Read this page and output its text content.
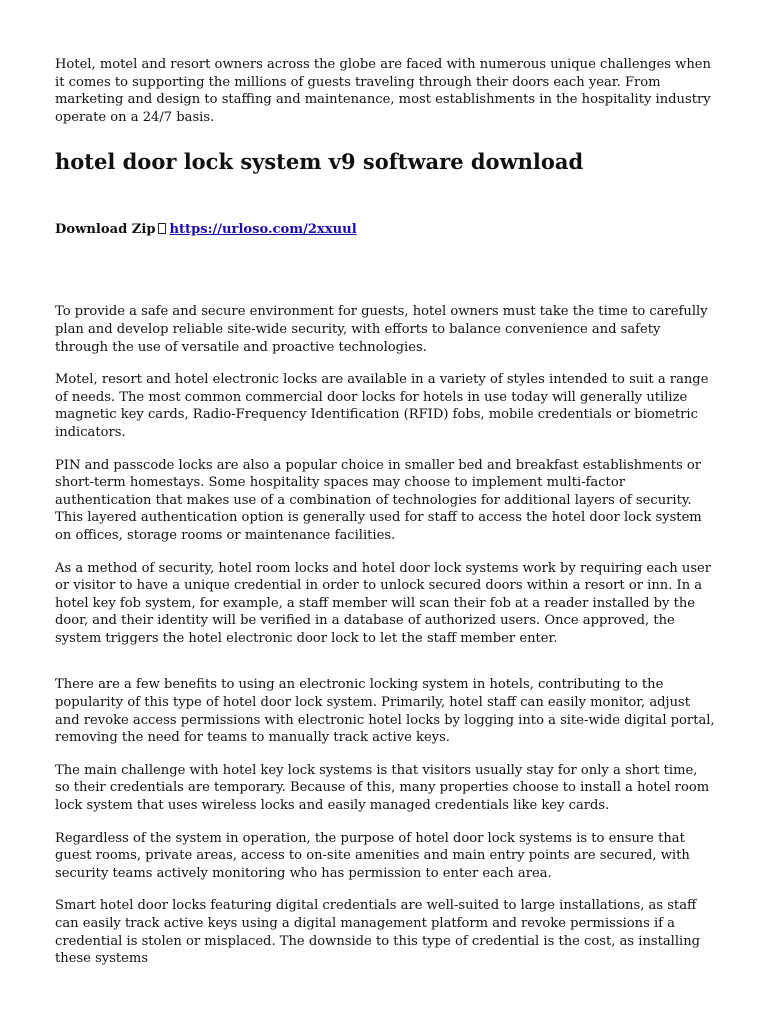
Hotel, motel and resort owners across the globe are faced with numerous unique challenges when it comes to supporting the millions of guests traveling through their doors each year. From marketing and design to staffing and maintenance, most establishments in the hospitality industry operate on a 24/7 basis.

hotel door lock system v9 software download
Download Zip https://urloso.com/2xxuul

To provide a safe and secure environment for guests, hotel owners must take the time to carefully plan and develop reliable site-wide security, with efforts to balance convenience and safety through the use of versatile and proactive technologies.

Motel, resort and hotel electronic locks are available in a variety of styles intended to suit a range of needs. The most common commercial door locks for hotels in use today will generally utilize magnetic key cards, Radio-Frequency Identification (RFID) fobs, mobile credentials or biometric indicators.

PIN and passcode locks are also a popular choice in smaller bed and breakfast establishments or short-term homestays. Some hospitality spaces may choose to implement multi-factor authentication that makes use of a combination of technologies for additional layers of security. This layered authentication option is generally used for staff to access the hotel door lock system on offices, storage rooms or maintenance facilities.

As a method of security, hotel room locks and hotel door lock systems work by requiring each user or visitor to have a unique credential in order to unlock secured doors within a resort or inn. In a hotel key fob system, for example, a staff member will scan their fob at a reader installed by the door, and their identity will be verified in a database of authorized users. Once approved, the system triggers the hotel electronic door lock to let the staff member enter.

There are a few benefits to using an electronic locking system in hotels, contributing to the popularity of this type of hotel door lock system. Primarily, hotel staff can easily monitor, adjust and revoke access permissions with electronic hotel locks by logging into a site-wide digital portal, removing the need for teams to manually track active keys.

The main challenge with hotel key lock systems is that visitors usually stay for only a short time, so their credentials are temporary. Because of this, many properties choose to install a hotel room lock system that uses wireless locks and easily managed credentials like key cards.

Regardless of the system in operation, the purpose of hotel door lock systems is to ensure that guest rooms, private areas, access to on-site amenities and main entry points are secured, with security teams actively monitoring who has permission to enter each area.

Smart hotel door locks featuring digital credentials are well-suited to large installations, as staff can easily track active keys using a digital management platform and revoke permissions if a credential is stolen or misplaced. The downside to this type of credential is the cost, as installing these systems
